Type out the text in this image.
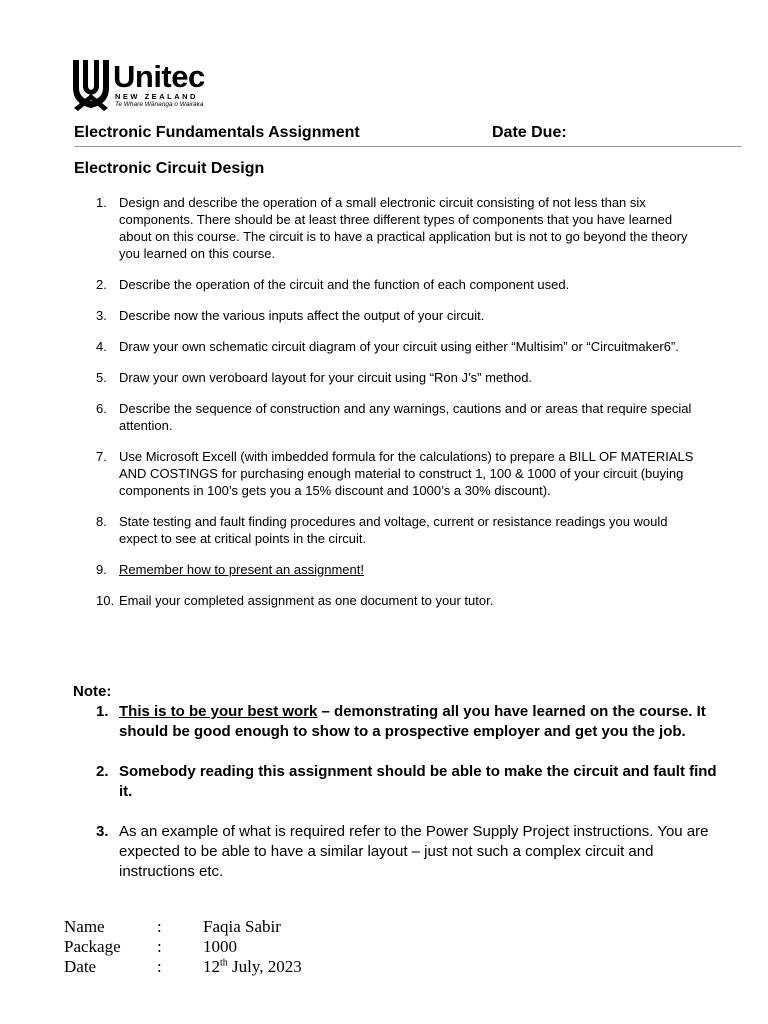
Unitec
NEW ZEALAND
Te Whare Wānanga o Wairaka
Electronic Fundamentals Assignment	Date Due:
Electronic Circuit Design
1. Design and describe the operation of a small electronic circuit consisting of not less than six components. There should be at least three different types of components that you have learned about on this course. The circuit is to have a practical application but is not to go beyond the theory you learned on this course.
2. Describe the operation of the circuit and the function of each component used.
3. Describe now the various inputs affect the output of your circuit.
4. Draw your own schematic circuit diagram of your circuit using either “Multisim” or “Circuitmaker6”.
5. Draw your own veroboard layout for your circuit using “Ron J’s” method.
6. Describe the sequence of construction and any warnings, cautions and or areas that require special attention.
7. Use Microsoft Excell (with imbedded formula for the calculations) to prepare a BILL OF MATERIALS AND COSTINGS for purchasing enough material to construct 1, 100 & 1000 of your circuit (buying components in 100’s gets you a 15% discount and 1000’s a 30% discount).
8. State testing and fault finding procedures and voltage, current or resistance readings you would expect to see at critical points in the circuit.
9. Remember how to present an assignment!
10. Email your completed assignment as one document to your tutor.
Note:
1. This is to be your best work – demonstrating all you have learned on the course. It should be good enough to show to a prospective employer and get you the job.
2. Somebody reading this assignment should be able to make the circuit and fault find it.
3. As an example of what is required refer to the Power Supply Project instructions. You are expected to be able to have a similar layout – just not such a complex circuit and instructions etc.
Name	: Faqia Sabir
Package : 1000
Date	: 12th July, 2023
